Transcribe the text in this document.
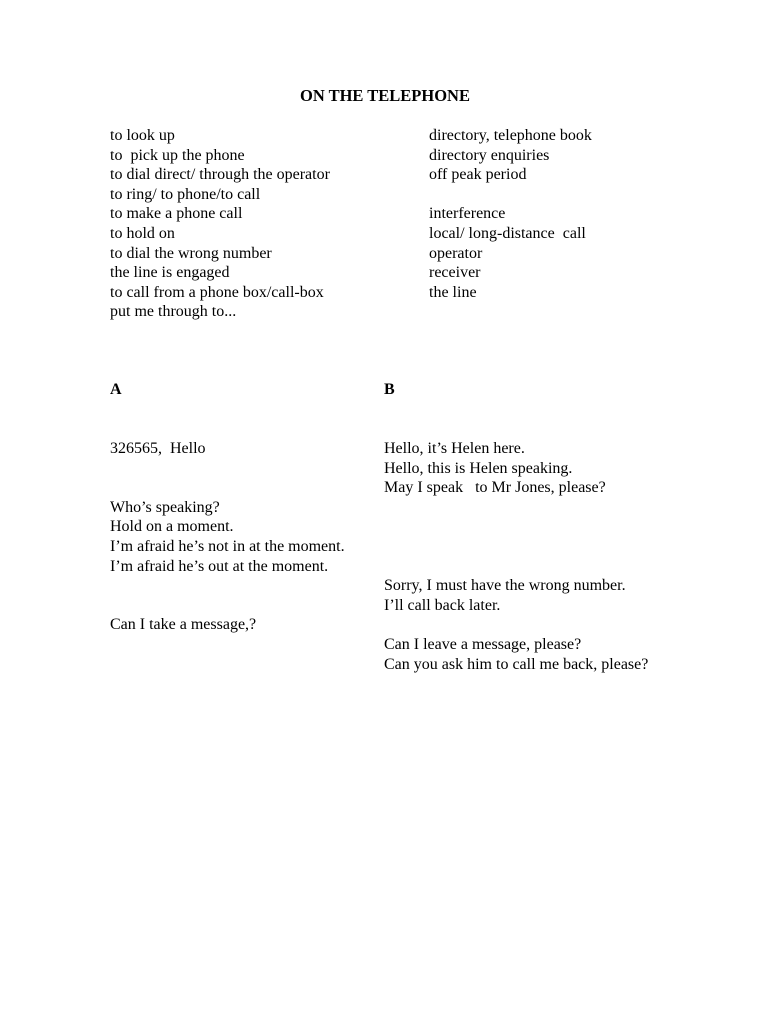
ON THE TELEPHONE
to look up
to  pick up the phone
to dial direct/ through the operator
to ring/ to phone/to call
to make a phone call
to hold on
to dial the wrong number
the line is engaged
to call from a phone box/call-box
put me through to...
directory, telephone book
directory enquiries
off peak period
interference
local/ long-distance  call
operator
receiver
the line
A	B
326565,  Hello
Who’s speaking?
Hold on a moment.
I’m afraid he’s not in at the moment.
I’m afraid he’s out at the moment.
Can I take a message,?
Hello, it’s Helen here.
Hello, this is Helen speaking.
May I speak   to Mr Jones, please?
Sorry, I must have the wrong number.
I’ll call back later.
Can I leave a message, please?
Can you ask him to call me back, please?
